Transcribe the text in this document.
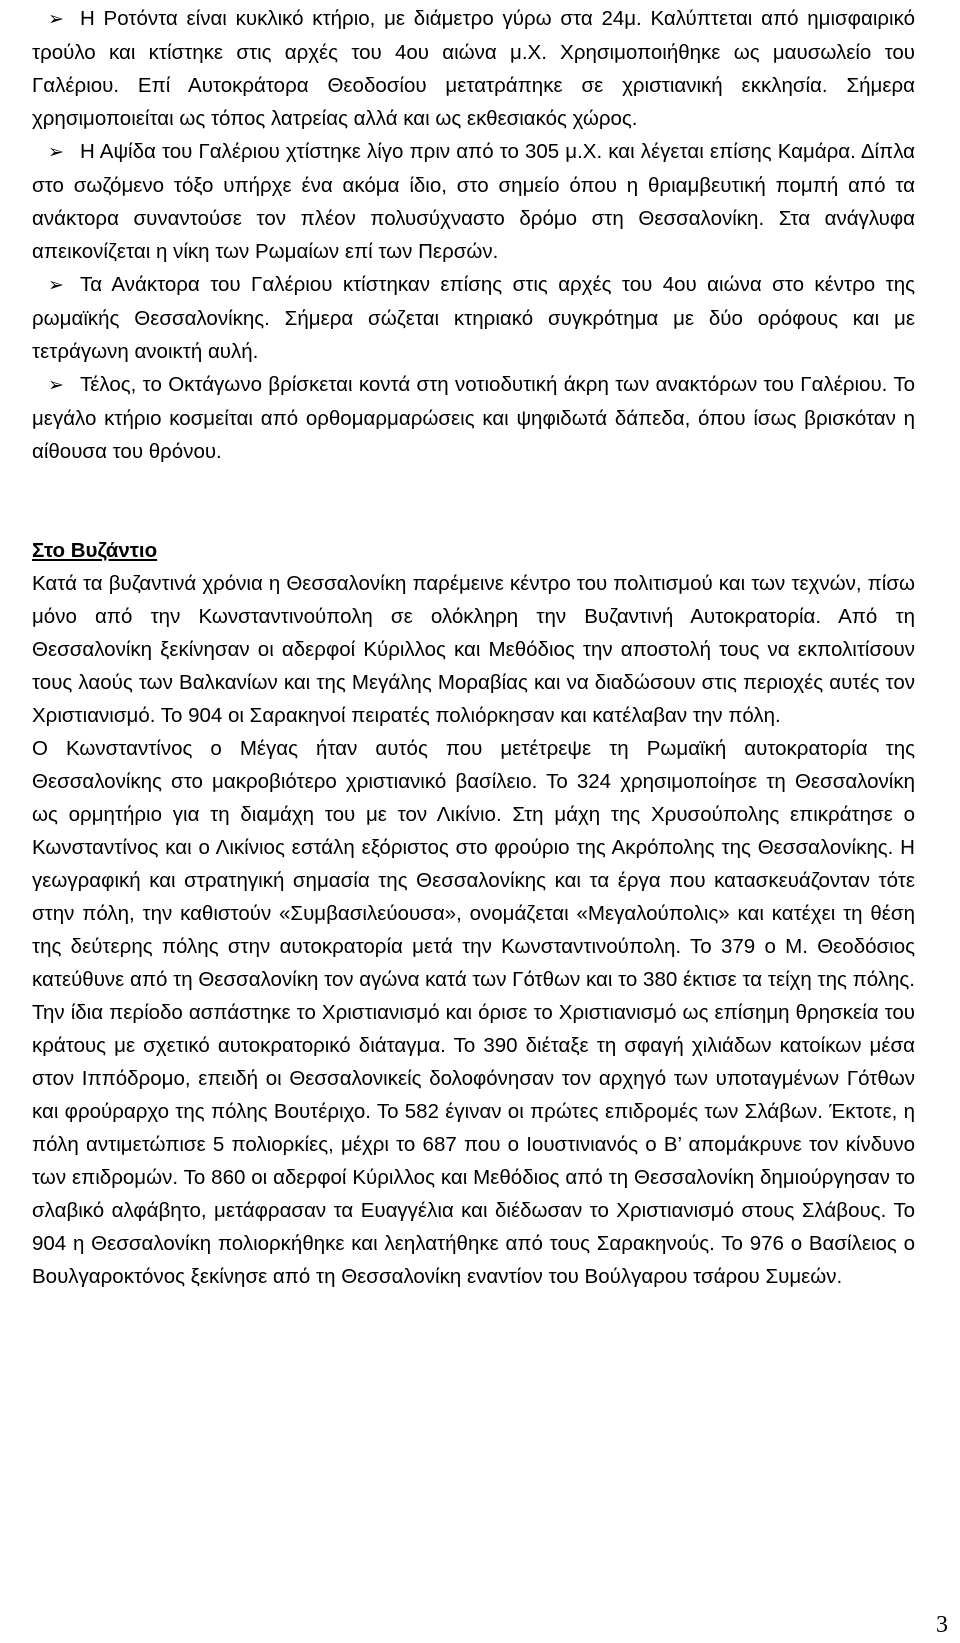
➢ Η Ροτόντα είναι κυκλικό κτήριο, με διάμετρο γύρω στα 24μ. Καλύπτεται από ημισφαιρικό τρούλο και κτίστηκε στις αρχές του 4ου αιώνα μ.Χ. Χρησιμοποιήθηκε ως μαυσωλείο του Γαλέριου. Επί Αυτοκράτορα Θεοδοσίου μετατράπηκε σε χριστιανική εκκλησία. Σήμερα χρησιμοποιείται ως τόπος λατρείας αλλά και ως εκθεσιακός χώρος.

➢ Η Αψίδα του Γαλέριου χτίστηκε λίγο πριν από το 305 μ.Χ. και λέγεται επίσης Καμάρα. Δίπλα στο σωζόμενο τόξο υπήρχε ένα ακόμα ίδιο, στο σημείο όπου η θριαμβευτική πομπή από τα ανάκτορα συναντούσε τον πλέον πολυσύχναστο δρόμο στη Θεσσαλονίκη. Στα ανάγλυφα απεικονίζεται η νίκη των Ρωμαίων επί των Περσών.

➢ Τα Ανάκτορα του Γαλέριου κτίστηκαν επίσης στις αρχές του 4ου αιώνα στο κέντρο της ρωμαϊκής Θεσσαλονίκης. Σήμερα σώζεται κτηριακό συγκρότημα με δύο ορόφους και με τετράγωνη ανοικτή αυλή.

➢ Τέλος, το Οκτάγωνο βρίσκεται κοντά στη νοτιοδυτική άκρη των ανακτόρων του Γαλέριου. Το μεγάλο κτήριο κοσμείται από ορθομαρμαρώσεις και ψηφιδωτά δάπεδα, όπου ίσως βρισκόταν η αίθουσα του θρόνου.

Στο Βυζάντιο

Κατά τα βυζαντινά χρόνια η Θεσσαλονίκη παρέμεινε κέντρο του πολιτισμού και των τεχνών, πίσω μόνο από την Κωνσταντινούπολη σε ολόκληρη την Βυζαντινή Αυτοκρατορία. Από τη Θεσσαλονίκη ξεκίνησαν οι αδερφοί Κύριλλος και Μεθόδιος την αποστολή τους να εκπολιτίσουν τους λαούς των Βαλκανίων και της Μεγάλης Μοραβίας και να διαδώσουν στις περιοχές αυτές τον Χριστιανισμό. Το 904 οι Σαρακηνοί πειρατές πολιόρκησαν και κατέλαβαν την πόλη.

Ο Κωνσταντίνος ο Μέγας ήταν αυτός που μετέτρεψε τη Ρωμαϊκή αυτοκρατορία της Θεσσαλονίκης στο μακροβιότερο χριστιανικό βασίλειο. Το 324 χρησιμοποίησε τη Θεσσαλονίκη ως ορμητήριο για τη διαμάχη του με τον Λικίνιο. Στη μάχη της Χρυσούπολης επικράτησε ο Κωνσταντίνος και ο Λικίνιος εστάλη εξόριστος στο φρούριο της Ακρόπολης της Θεσσαλονίκης. Η γεωγραφική και στρατηγική σημασία της Θεσσαλονίκης και τα έργα που κατασκευάζονταν τότε στην πόλη, την καθιστούν «Συμβασιλεύουσα», ονομάζεται «Μεγαλούπολις» και κατέχει τη θέση της δεύτερης πόλης στην αυτοκρατορία μετά την Κωνσταντινούπολη. Το 379 ο Μ. Θεοδόσιος κατεύθυνε από τη Θεσσαλονίκη τον αγώνα κατά των Γότθων και το 380 έκτισε τα τείχη της πόλης. Την ίδια περίοδο ασπάστηκε το Χριστιανισμό και όρισε το Χριστιανισμό ως επίσημη θρησκεία του κράτους με σχετικό αυτοκρατορικό διάταγμα. Το 390 διέταξε τη σφαγή χιλιάδων κατοίκων μέσα στον Ιππόδρομο, επειδή οι Θεσσαλονικείς δολοφόνησαν τον αρχηγό των υποταγμένων Γότθων και φρούραρχο της πόλης Βουτέριχο. Το 582 έγιναν οι πρώτες επιδρομές των Σλάβων. Έκτοτε, η πόλη αντιμετώπισε 5 πολιορκίες, μέχρι το 687 που ο Ιουστινιανός ο Β’ απομάκρυνε τον κίνδυνο των επιδρομών. Το 860 οι αδερφοί Κύριλλος και Μεθόδιος από τη Θεσσαλονίκη δημιούργησαν το σλαβικό αλφάβητο, μετάφρασαν τα Ευαγγέλια και διέδωσαν το Χριστιανισμό στους Σλάβους. Το 904 η Θεσσαλονίκη πολιορκήθηκε και λεηλατήθηκε από τους Σαρακηνούς. Το 976 ο Βασίλειος ο Βουλγαροκτόνος ξεκίνησε από τη Θεσσαλονίκη εναντίον του Βούλγαρου τσάρου Συμεών.

3
